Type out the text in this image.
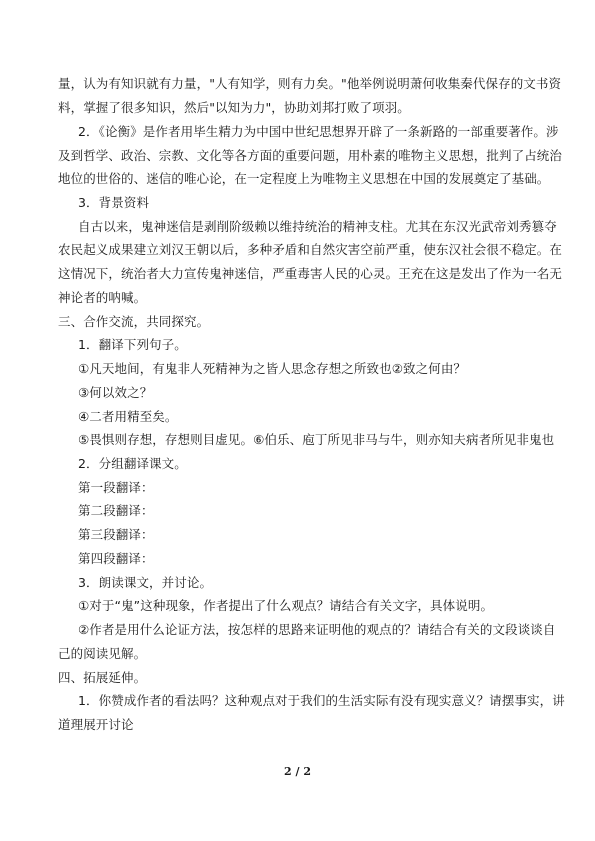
量，认为有知识就有力量，"人有知学，则有力矣。"他举例说明萧何收集秦代保存的文书资
料，掌握了很多知识，然后"以知为力"，协助刘邦打败了项羽。
2．《论衡》是作者用毕生精力为中国中世纪思想界开辟了一条新路的一部重要著作。涉
及到哲学、政治、宗教、文化等各方面的重要问题，用朴素的唯物主义思想，批判了占统治
地位的世俗的、迷信的唯心论，在一定程度上为唯物主义思想在中国的发展奠定了基础。
3．背景资料
自古以来，鬼神迷信是剥削阶级赖以维持统治的精神支柱。尤其在东汉光武帝刘秀篡夺
农民起义成果建立刘汉王朝以后，多种矛盾和自然灾害空前严重，使东汉社会很不稳定。在
这情况下，统治者大力宣传鬼神迷信，严重毒害人民的心灵。王充在这是发出了作为一名无
神论者的呐喊。
三、合作交流，共同探究。
1．翻译下列句子。
①凡天地间，有鬼非人死精神为之皆人思念存想之所致也②致之何由？
③何以效之？
④二者用精至矣。
⑤畏惧则存想，存想则目虚见。⑥伯乐、庖丁所见非马与牛，则亦知夫病者所见非鬼也
2．分组翻译课文。
第一段翻译：
第二段翻译：
第三段翻译：
第四段翻译：
3．朗读课文，并讨论。
①对于“鬼”这种现象，作者提出了什么观点？请结合有关文字，具体说明。
②作者是用什么论证方法，按怎样的思路来证明他的观点的？请结合有关的文段谈谈自
己的阅读见解。
四、拓展延伸。
1．你赞成作者的看法吗？这种观点对于我们的生活实际有没有现实意义？请摆事实，讲
道理展开讨论
2 / 2
